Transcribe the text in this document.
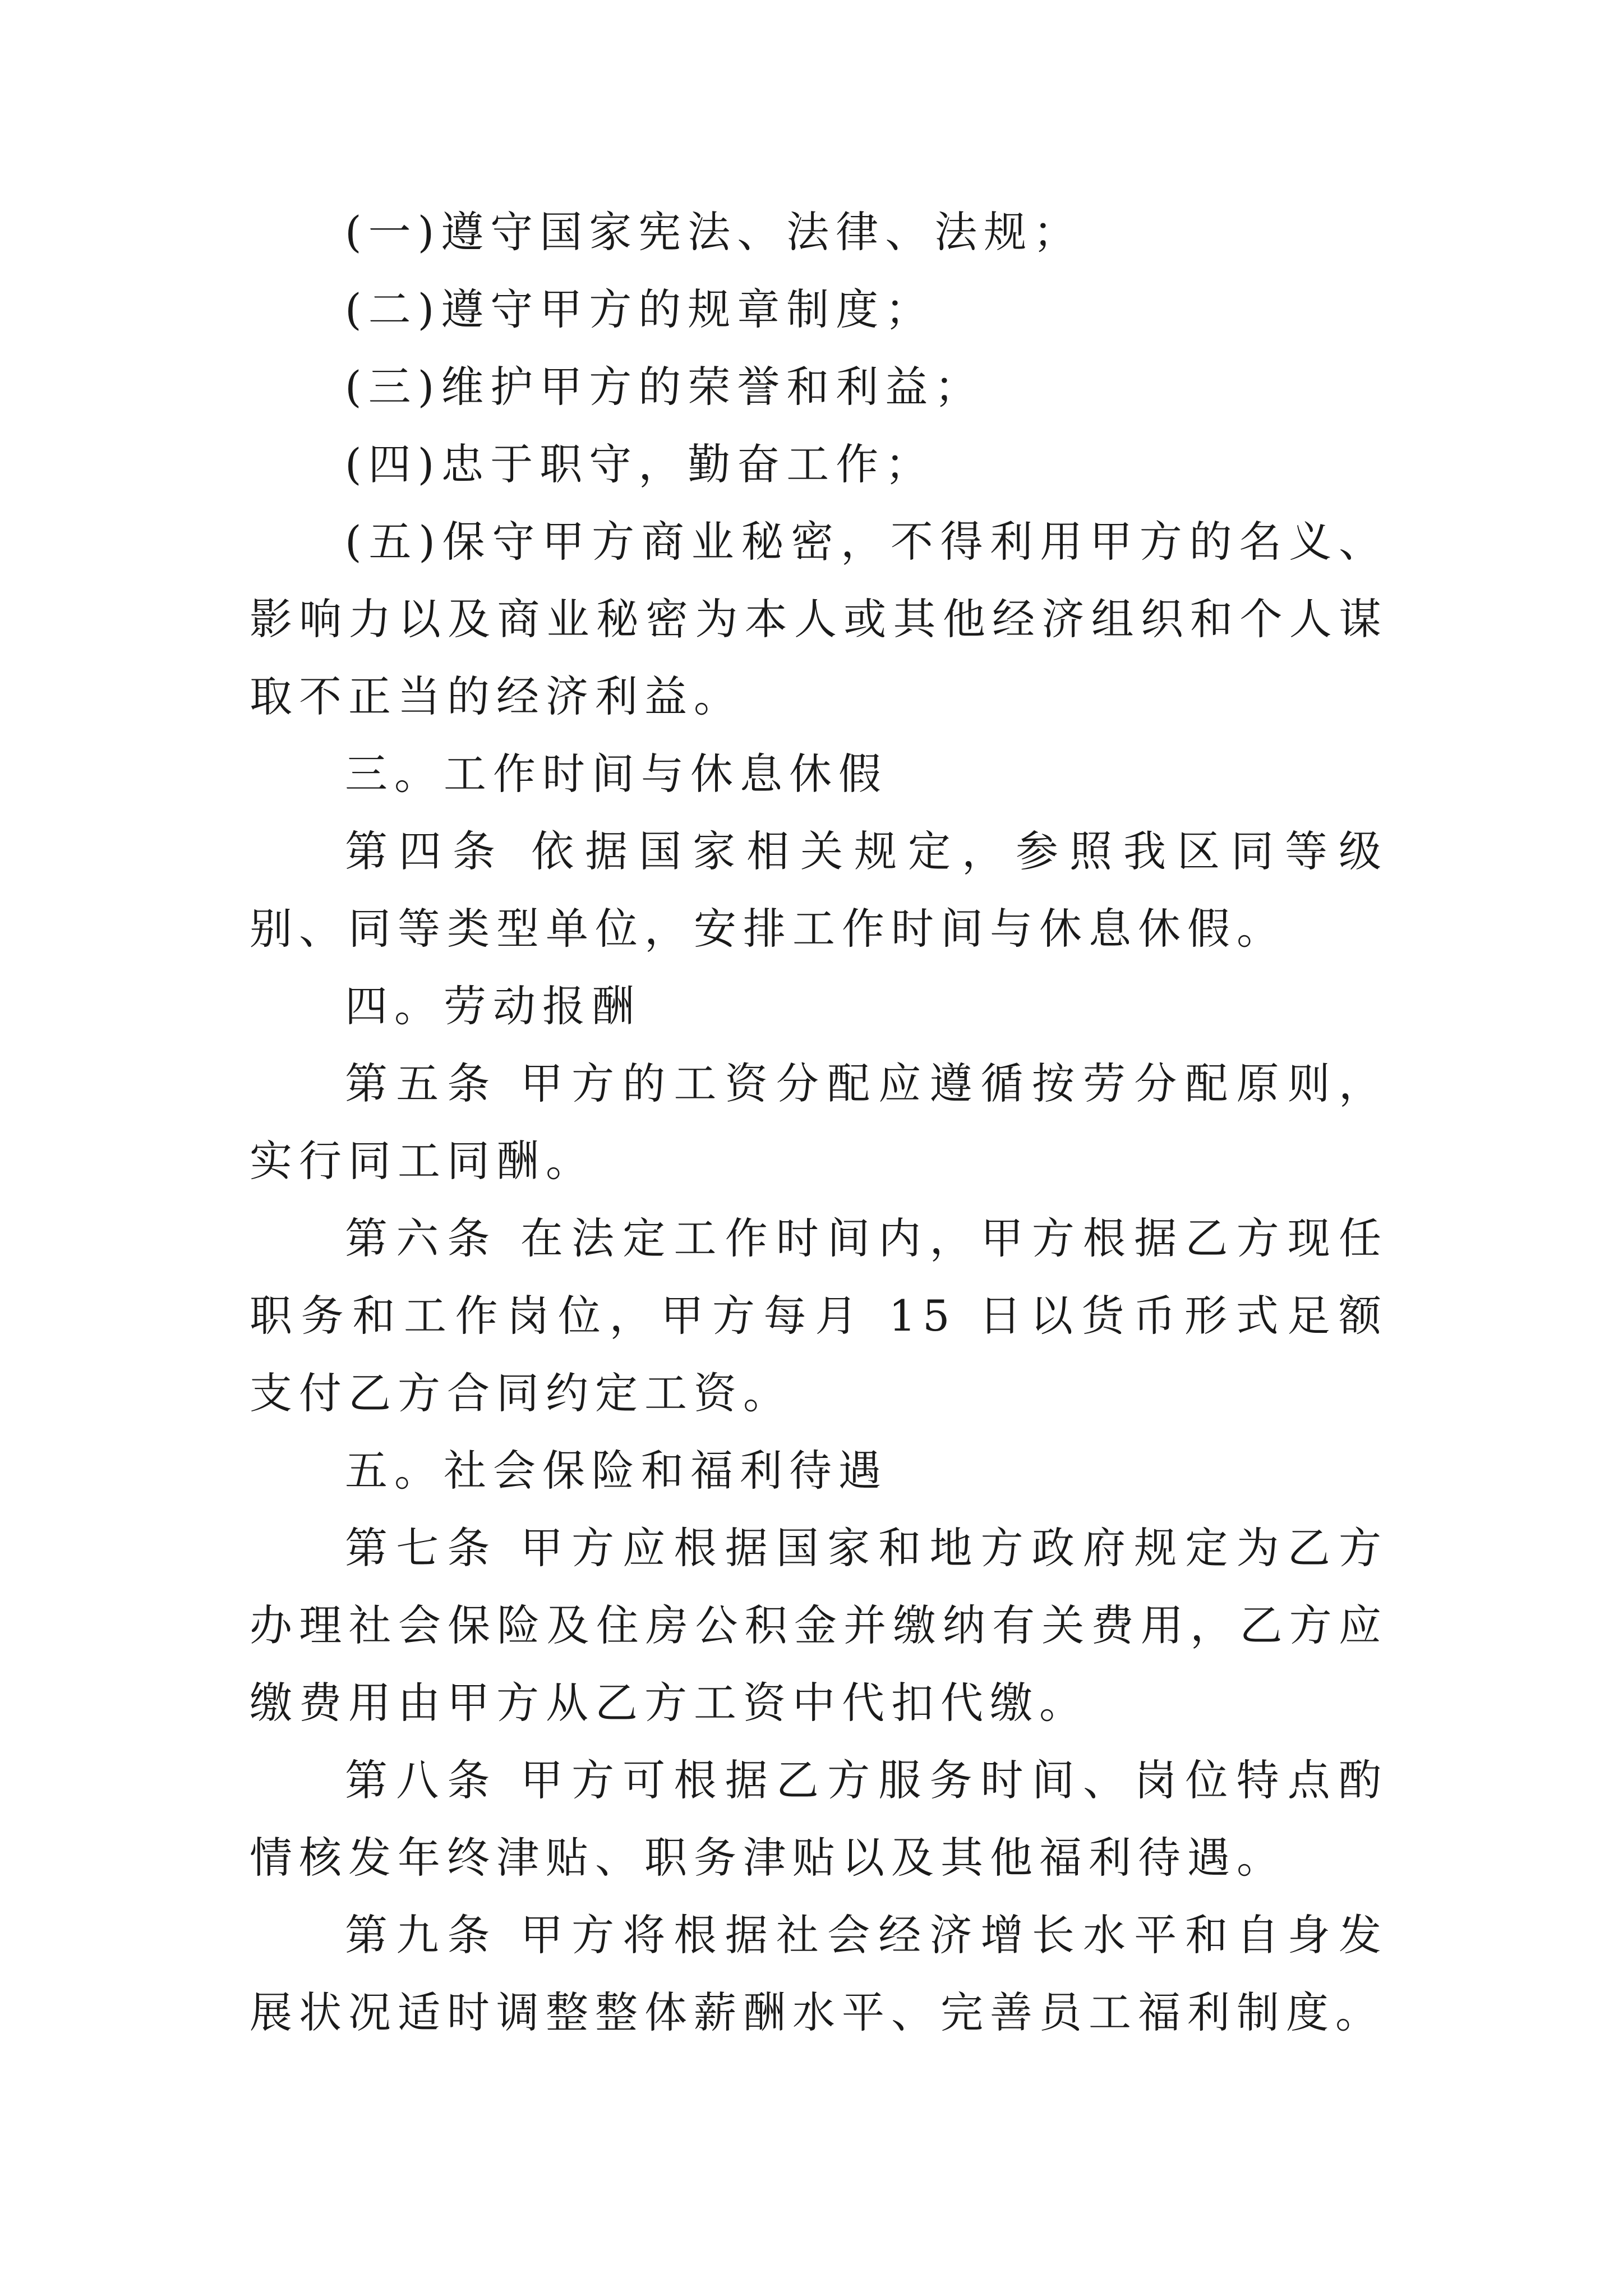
(一)遵守国家宪法、法律、法规；

(二)遵守甲方的规章制度；

(三)维护甲方的荣誉和利益；

(四)忠于职守，勤奋工作；

(五)保守甲方商业秘密，不得利用甲方的名义、影响力以及商业秘密为本人或其他经济组织和个人谋取不正当的经济利益。

三。工作时间与休息休假

第四条 依据国家相关规定，参照我区同等级别、同等类型单位，安排工作时间与休息休假。

四。劳动报酬

第五条 甲方的工资分配应遵循按劳分配原则，实行同工同酬。

第六条 在法定工作时间内，甲方根据乙方现任职务和工作岗位，甲方每月 15 日以货币形式足额支付乙方合同约定工资。

五。社会保险和福利待遇

第七条 甲方应根据国家和地方政府规定为乙方办理社会保险及住房公积金并缴纳有关费用，乙方应缴费用由甲方从乙方工资中代扣代缴。

第八条 甲方可根据乙方服务时间、岗位特点酌情核发年终津贴、职务津贴以及其他福利待遇。

第九条 甲方将根据社会经济增长水平和自身发展状况适时调整整体薪酬水平、完善员工福利制度。
